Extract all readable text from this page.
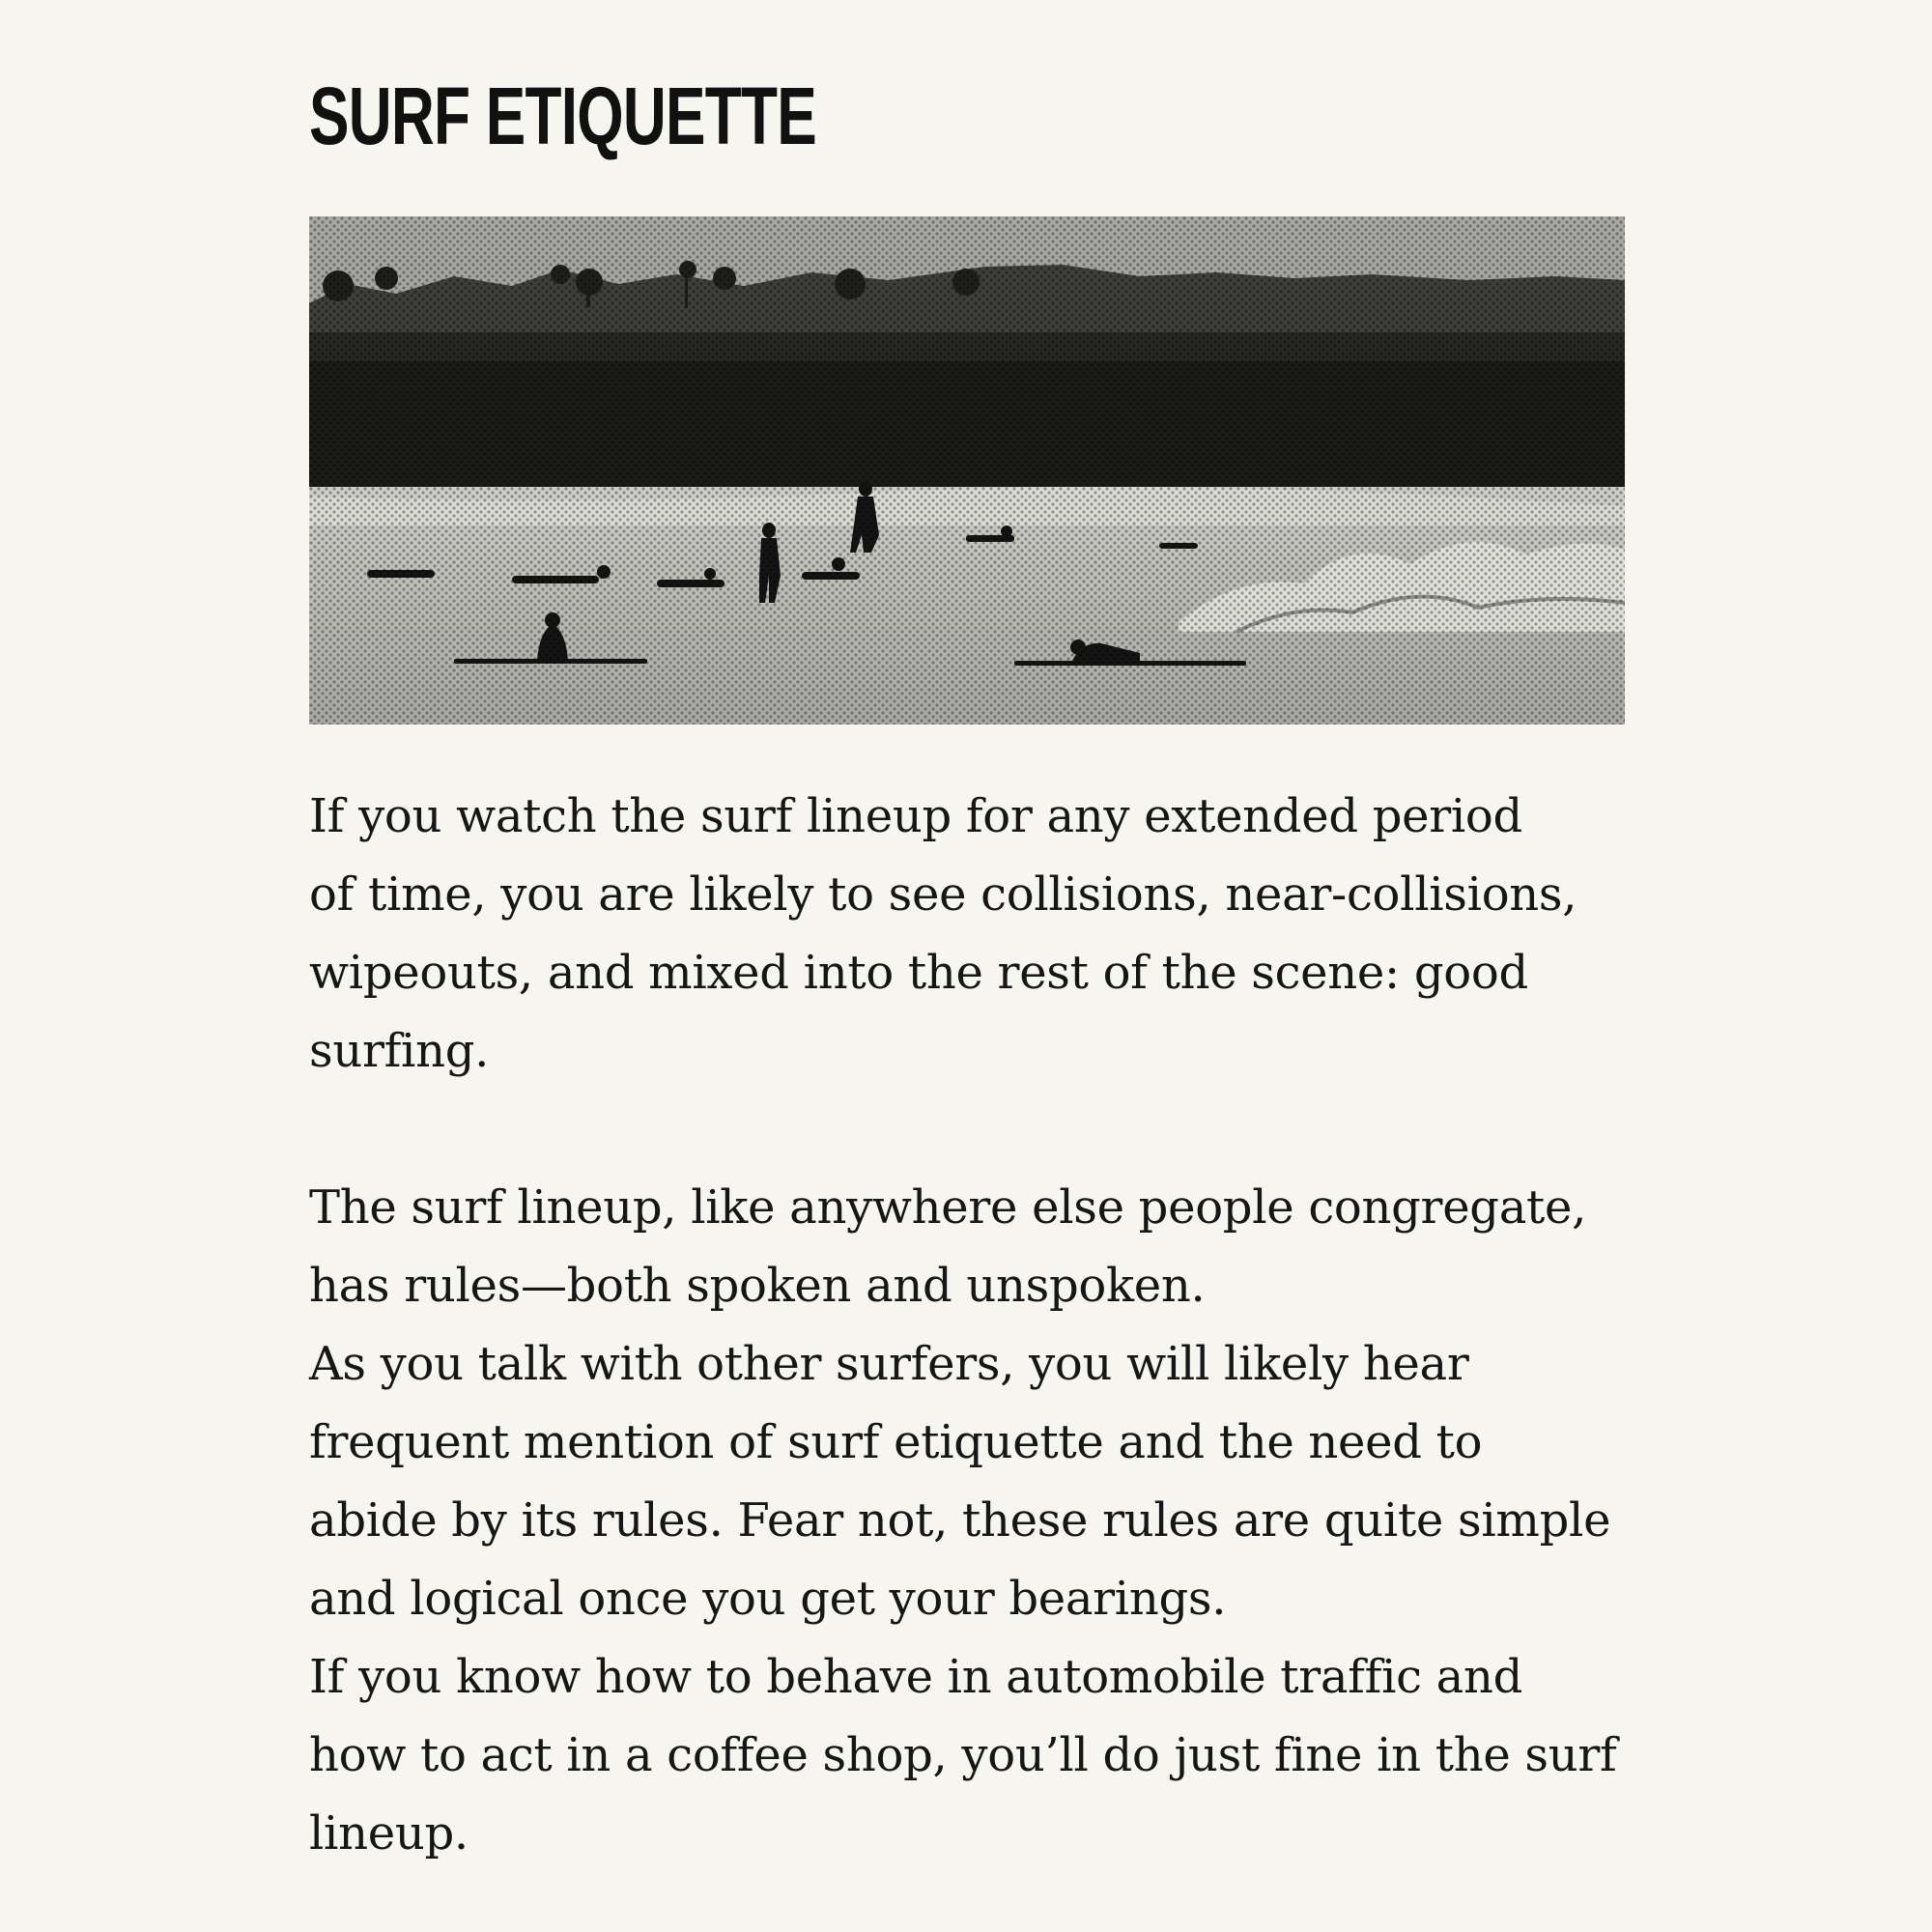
SURF ETIQUETTE

If you watch the surf lineup for any extended period
of time, you are likely to see collisions, near-collisions,
wipeouts, and mixed into the rest of the scene: good
surfing.

The surf lineup, like anywhere else people congregate,
has rules—both spoken and unspoken.

As you talk with other surfers, you will likely hear
frequent mention of surf etiquette and the need to
abide by its rules. Fear not, these rules are quite simple
and logical once you get your bearings.

If you know how to behave in automobile traffic and
how to act in a coffee shop, you’ll do just fine in the surf
lineup.
